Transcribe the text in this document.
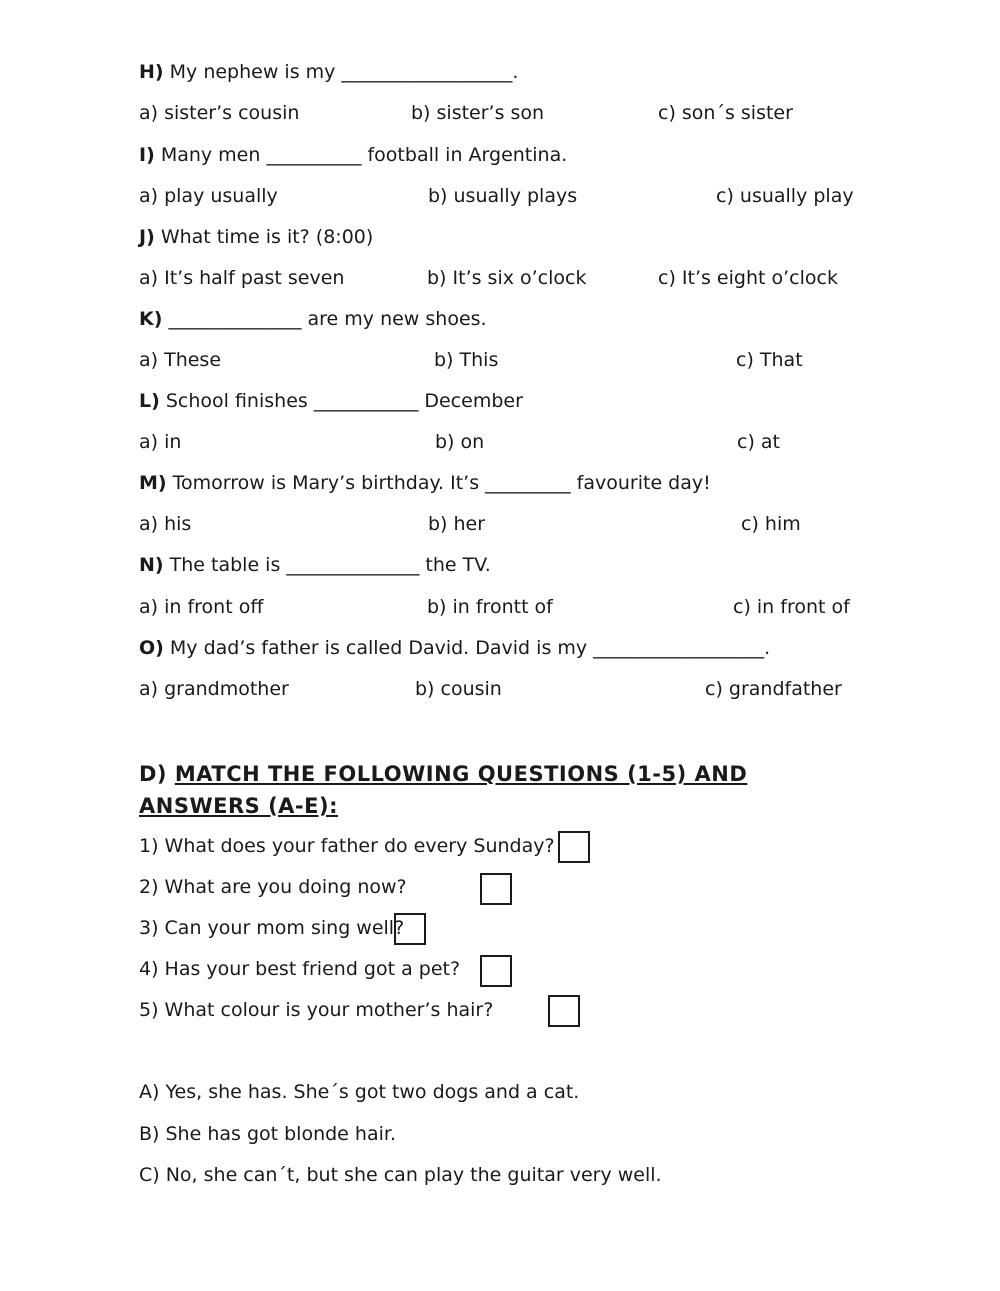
H) My nephew is my __________________.
a) sister’s cousin	b) sister’s son	c) son´s sister
I) Many men __________ football in Argentina.
a) play usually	b) usually plays	c) usually play
J) What time is it? (8:00)
a) It’s half past seven	b) It’s six o’clock	c) It’s eight o’clock
K) ______________ are my new shoes.
a) These	b) This	c) That
L) School finishes ___________ December
a) in	b) on	c) at
M) Tomorrow is Mary’s birthday. It’s _________ favourite day!
a) his	b) her	c) him
N) The table is ______________ the TV.
a) in front off	b) in frontt of	c) in front of
O) My dad’s father is called David. David is my __________________.
a) grandmother	b) cousin	c) grandfather
D) MATCH THE FOLLOWING QUESTIONS (1-5) AND ANSWERS (A-E):
1) What does your father do every Sunday?
2) What are you doing now?
3) Can your mom sing well?
4) Has your best friend got a pet?
5) What colour is your mother’s hair?
A) Yes, she has. She´s got two dogs and a cat.
B) She has got blonde hair.
C) No, she can´t, but she can play the guitar very well.
